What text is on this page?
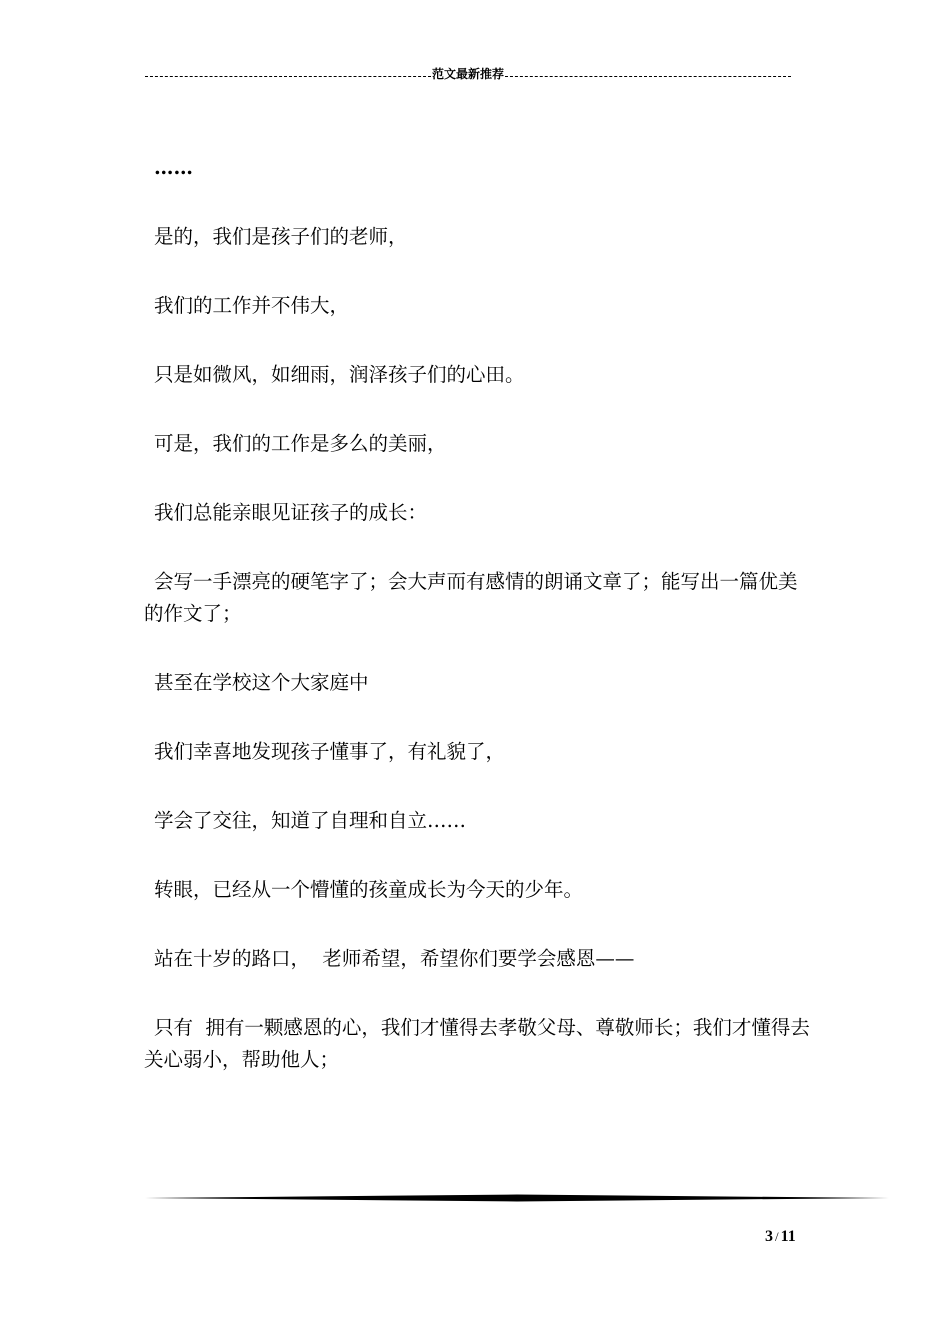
范文最新推荐

……

是的，我们是孩子们的老师，

我们的工作并不伟大，

只是如微风，如细雨，润泽孩子们的心田。

可是，我们的工作是多么的美丽，

我们总能亲眼见证孩子的成长：

会写一手漂亮的硬笔字了；会大声而有感情的朗诵文章了；能写出一篇优美的作文了；

甚至在学校这个大家庭中

我们幸喜地发现孩子懂事了，有礼貌了，

学会了交往，知道了自理和自立……

转眼，已经从一个懵懂的孩童成长为今天的少年。

站在十岁的路口，  老师希望，希望你们要学会感恩——

只有  拥有一颗感恩的心，我们才懂得去孝敬父母、尊敬师长；我们才懂得去关心弱小，帮助他人；

3 / 11
